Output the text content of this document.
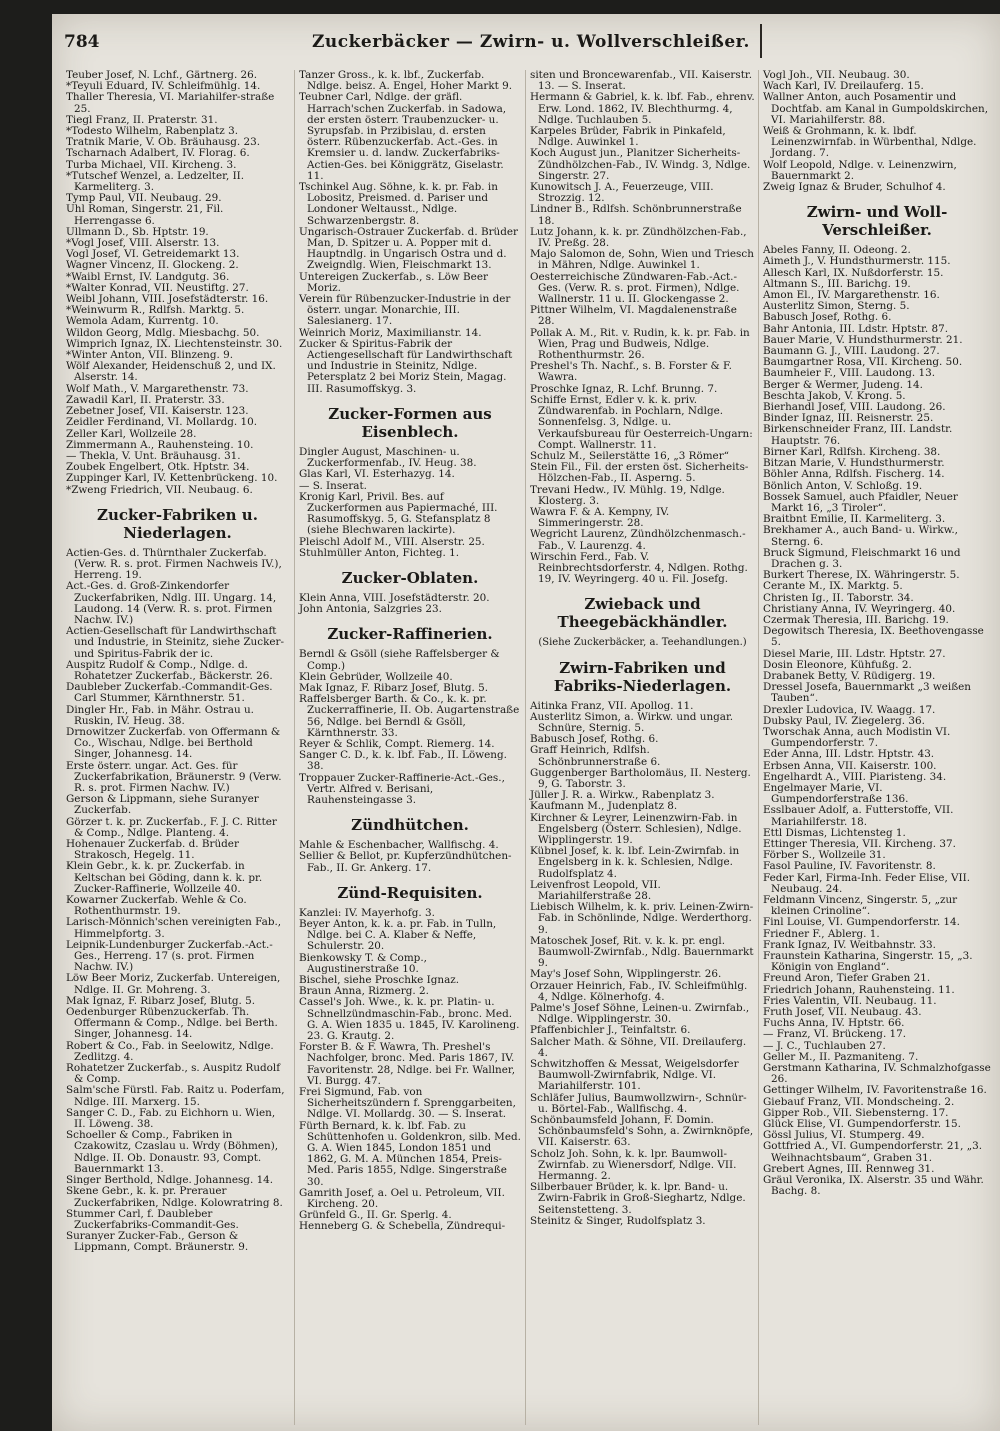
784	Zuckerbäcker — Zwirn- u. Wollverschleißer.
Teuber Josef, N. Lchf., Gärtnerg. 26.
*Teyuli Eduard, IV. Schleifmühlg. 14.
Thaller Theresia, VI. Mariahilfer-straße 25.
Tiegl Franz, II. Praterstr. 31.
*Todesto Wilhelm, Rabenplatz 3.
Tratnik Marie, V. Ob. Bräuhausg. 23.
Tscharnach Adalbert, IV. Florag. 6.
Turba Michael, VII. Kircheng. 3.
*Tutschef Wenzel, a. Ledzelter, II. Karmeliterg. 3.
Tymp Paul, VII. Neubaug. 29.
Uhl Roman, Singerstr. 21, Fil. Herrengasse 6.
Ullmann D., Sb. Hptstr. 19.
*Vogl Josef, VIII. Alserstr. 13.
Vogl Josef, VI. Getreidemarkt 13.
Wagner Vincenz, II. Glockeng. 2.
*Waibl Ernst, IV. Landgutg. 36.
*Walter Konrad, VII. Neustiftg. 27.
Weibl Johann, VIII. Josefstädterstr. 16.
*Weinwurm R., Rdlfsh. Marktg. 5.
Wemola Adam, Kurrentg. 10.
Wildon Georg, Mdlg. Miesbachg. 50.
Wimprich Ignaz, IX. Liechtensteinstr. 30.
*Winter Anton, VII. Blinzeng. 9.
Wölf Alexander, Heidenschuß 2, und IX. Alserstr. 14.
Wolf Math., V. Margarethenstr. 73.
Zawadil Karl, II. Praterstr. 33.
Zebetner Josef, VII. Kaiserstr. 123.
Zeidler Ferdinand, VI. Mollardg. 10.
Zeller Karl, Wollzeile 28.
Zimmermann A., Rauhensteing. 10.
— Thekla, V. Unt. Bräuhausg. 31.
Zoubek Engelbert, Otk. Hptstr. 34.
Zuppinger Karl, IV. Kettenbrückeng. 10.
*Zweng Friedrich, VII. Neubaug. 6.
Zucker-Fabriken u. Niederlagen.
Actien-Ges. d. Thürnthaler Zuckerfab. (Verw. R. s. prot. Firmen Nachweis IV.), Herreng. 19.
Act.-Ges. d. Groß-Zinkendorfer Zuckerfabriken, Ndlg. III. Ungarg. 14, Laudong. 14 (Verw. R. s. prot. Firmen Nachw. IV.)
Actien-Gesellschaft für Landwirthschaft und Industrie, in Steinitz, siehe Zucker- und Spiritus-Fabrik der ic.
Auspitz Rudolf & Comp., Ndlge. d. Rohatetzer Zuckerfab., Bäckerstr. 26.
Daubleber Zuckerfab.-Commandit-Ges. Carl Stummer, Kärnthnerstr. 51.
Dingler Hr., Fab. in Mähr. Ostrau u. Ruskin, IV. Heug. 38.
Drnowitzer Zuckerfab. von Offermann & Co., Wischau, Ndlge. bei Berthold Singer, Johannesg. 14.
Erste österr. ungar. Act. Ges. für Zuckerfabrikation, Bräunerstr. 9 (Verw. R. s. prot. Firmen Nachw. IV.)
Gerson & Lippmann, siehe Suranyer Zuckerfab.
Görzer t. k. pr. Zuckerfab., F. J. C. Ritter & Comp., Ndlge. Planteng. 4.
Hohenauer Zuckerfab. d. Brüder Strakosch, Hegelg. 11.
Klein Gebr., k. k. pr. Zuckerfab. in Keltschan bei Göding, dann k. k. pr. Zucker-Raffinerie, Wollzeile 40.
Kowarner Zuckerfab. Wehle & Co. Rothenthurmstr. 19.
Larisch-Mönnich'schen vereinigten Fab., Himmelpfortg. 3.
Leipnik-Lundenburger Zuckerfab.-Act.-Ges., Herreng. 17 (s. prot. Firmen Nachw. IV.)
Löw Beer Moriz, Zuckerfab. Untereigen, Ndlge. II. Gr. Mohreng. 3.
Mak Ignaz, F. Ribarz Josef, Blutg. 5.
Oedenburger Rübenzuckerfab. Th. Offermann & Comp., Ndlge. bei Berth. Singer, Johannesg. 14.
Robert & Co., Fab. in Seelowitz, Ndlge. Zedlitzg. 4.
Rohatetzer Zuckerfab., s. Auspitz Rudolf & Comp.
Salm'sche Fürstl. Fab. Raitz u. Poderfam, Ndlge. III. Marxerg. 15.
Sanger C. D., Fab. zu Eichhorn u. Wien, II. Löweng. 38.
Schoeller & Comp., Fabriken in Czakowitz, Czaslau u. Wrdy (Böhmen), Ndlge. II. Ob. Donaustr. 93, Compt. Bauernmarkt 13.
Singer Berthold, Ndlge. Johannesg. 14.
Skene Gebr., k. k. pr. Prerauer Zuckerfabriken, Ndlge. Kolowratring 8.
Stummer Carl, f. Daubleber Zuckerfabriks-Commandit-Ges.
Suranyer Zucker-Fab., Gerson & Lippmann, Compt. Bräunerstr. 9.
Tanzer Gross., k. k. lbf., Zuckerfab. Ndlge. beisz. A. Engel, Hoher Markt 9.
Teubner Carl, Ndlge. der gräfl. Harrach'schen Zuckerfab. in Sadowa, der ersten österr. Traubenzucker- u. Syrupsfab. in Przibislau, d. ersten österr. Rübenzuckerfab. Act.-Ges. in Kremsier u. d. landw. Zuckerfabriks-Actien-Ges. bei Königgrätz, Giselastr. 11.
Tschinkel Aug. Söhne, k. k. pr. Fab. in Lobositz, Preismed. d. Pariser und Londoner Weltausst., Ndlge. Schwarzenbergstr. 8.
Ungarisch-Ostrauer Zuckerfab. d. Brüder Man, D. Spitzer u. A. Popper mit d. Hauptndlg. in Ungarisch Ostra und d. Zweigndlg. Wien, Fleischmarkt 13.
Untereigen Zuckerfab., s. Löw Beer Moriz.
Verein für Rübenzucker-Industrie in der österr. ungar. Monarchie, III. Salesianerg. 17.
Weinrich Moriz, Maximilianstr. 14.
Zucker & Spiritus-Fabrik der Actiengesellschaft für Landwirthschaft und Industrie in Steinitz, Ndlge. Petersplatz 2 bei Moriz Stein, Magag. III. Rasumoffskyg. 3.
Zucker-Formen aus Eisenblech.
Dingler August, Maschinen- u. Zuckerformenfab., IV. Heug. 38.
Glas Karl, VI. Esterhazyg. 14.
— S. Inserat.
Kronig Karl, Privil. Bes. auf Zuckerformen aus Papiermaché, III. Rasumoffskyg. 5, G. Stefansplatz 8 (siehe Blechwaren lackirte).
Pleischl Adolf M., VIII. Alserstr. 25.
Stuhlmüller Anton, Fichteg. 1.
Zucker-Oblaten.
Klein Anna, VIII. Josefstädterstr. 20.
John Antonia, Salzgries 23.
Zucker-Raffinerien.
Berndl & Gsöll (siehe Raffelsberger & Comp.)
Klein Gebrüder, Wollzeile 40.
Mak Ignaz, F. Ribarz Josef, Blutg. 5.
Raffelsberger Barth. & Co., k. k. pr. Zuckerraffinerie, II. Ob. Augartenstraße 56, Ndlge. bei Berndl & Gsöll, Kärnthnerstr. 33.
Reyer & Schlik, Compt. Riemerg. 14.
Sanger C. D., k. k. lbf. Fab., II. Löweng. 38.
Troppauer Zucker-Raffinerie-Act.-Ges., Vertr. Alfred v. Berisani, Rauhensteingasse 3.
Zündhütchen.
Mahle & Eschenbacher, Wallfischg. 4.
Sellier & Bellot, pr. Kupferzündhütchen-Fab., II. Gr. Ankerg. 17.
Zünd-Requisiten.
Kanzlei: IV. Mayerhofg. 3.
Beyer Anton, k. k. a. pr. Fab. in Tulln, Ndlge. bei C. A. Klaber & Neffe, Schulerstr. 20.
Bienkowsky T. & Comp., Augustinerstraße 10.
Bischel, siehe Proschke Ignaz.
Braun Anna, Rizmerg. 2.
Cassel's Joh. Wwe., k. k. pr. Platin- u. Schnellzündmaschin-Fab., bronc. Med. G. A. Wien 1835 u. 1845, IV. Karolineng. 23. G. Krautg. 2.
Forster B. & F. Wawra, Th. Preshel's Nachfolger, bronc. Med. Paris 1867, IV. Favoritenstr. 28, Ndlge. bei Fr. Wallner, VI. Burgg. 47.
Frei Sigmund, Fab. von Sicherheitszündern f. Sprenggarbeiten, Ndlge. VI. Mollardg. 30. — S. Inserat.
Fürth Bernard, k. k. lbf. Fab. zu Schüttenhofen u. Goldenkron, silb. Med. G. A. Wien 1845, London 1851 und 1862, G. M. A. München 1854, Preis-Med. Paris 1855, Ndlge. Singerstraße 30.
Gamrith Josef, a. Oel u. Petroleum, VII. Kircheng. 20.
Grünfeld G., II. Gr. Sperlg. 4.
Henneberg G. & Schebella, Zündrequi-
siten und Broncewarenfab., VII. Kaiserstr. 13. — S. Inserat.
Hermann & Gabriel, k. k. lbf. Fab., ehrenv. Erw. Lond. 1862, IV. Blechthurmg. 4, Ndlge. Tuchlauben 5.
Karpeles Brüder, Fabrik in Pinkafeld, Ndlge. Auwinkel 1.
Koch August jun., Planitzer Sicherheits-Zündhölzchen-Fab., IV. Windg. 3, Ndlge. Singerstr. 27.
Kunowitsch J. A., Feuerzeuge, VIII. Strozzig. 12.
Lindner B., Rdlfsh. Schönbrunnerstraße 18.
Lutz Johann, k. k. pr. Zündhölzchen-Fab., IV. Preßg. 28.
Majo Salomon de, Sohn, Wien und Triesch in Mähren, Ndlge. Auwinkel 1.
Oesterreichische Zündwaren-Fab.-Act.-Ges. (Verw. R. s. prot. Firmen), Ndlge. Wallnerstr. 11 u. II. Glockengasse 2.
Pittner Wilhelm, VI. Magdalenenstraße 28.
Pollak A. M., Rit. v. Rudin, k. k. pr. Fab. in Wien, Prag und Budweis, Ndlge. Rothenthurmstr. 26.
Preshel's Th. Nachf., s. B. Forster & F. Wawra.
Proschke Ignaz, R. Lchf. Brunng. 7.
Schiffe Ernst, Edler v. k. k. priv. Zündwarenfab. in Pochlarn, Ndlge. Sonnenfelsg. 3, Ndlge. u. Verkaufsbureau für Oesterreich-Ungarn: Compt. Wallnerstr. 11.
Schulz M., Seilerstätte 16, „3 Römer“
Stein Fil., Fil. der ersten öst. Sicherheits-Hölzchen-Fab., II. Asperng. 5.
Trevani Hedw., IV. Mühlg. 19, Ndlge. Klosterg. 3.
Wawra F. & A. Kempny, IV. Simmeringerstr. 28.
Wegricht Laurenz, Zündhölzchenmasch.-Fab., V. Laurenzg. 4.
Wirschin Ferd., Fab. V. Reinbrechtsdorferstr. 4, Ndlgen. Rothg. 19, IV. Weyringerg. 40 u. Fil. Josefg.
Zwieback und Theegebäckhändler.
(Siehe Zuckerbäcker, a. Teehandlungen.)
Zwirn-Fabriken und Fabriks-Niederlagen.
Aitinka Franz, VII. Apollog. 11.
Austerlitz Simon, a. Wirkw. und ungar. Schnüre, Sternig. 5.
Babusch Josef, Rothg. 6.
Graff Heinrich, Rdlfsh. Schönbrunnerstraße 6.
Guggenberger Bartholomäus, II. Nesterg. 9, G. Taborstr. 3.
Jüller J. R. a. Wirkw., Rabenplatz 3.
Kaufmann M., Judenplatz 8.
Kirchner & Leyrer, Leinenzwirn-Fab. in Engelsberg (Österr. Schlesien), Ndlge. Wipplingerstr. 19.
Kübnel Josef, k. k. lbf. Lein-Zwirnfab. in Engelsberg in k. k. Schlesien, Ndlge. Rudolfsplatz 4.
Leivenfrost Leopold, VII. Mariahilferstraße 28.
Liebisch Wilhelm, k. k. priv. Leinen-Zwirn-Fab. in Schönlinde, Ndlge. Werderthorg. 9.
Matoschek Josef, Rit. v. k. k. pr. engl. Baumwoll-Zwirnfab., Ndlg. Bauernmarkt 9.
May's Josef Sohn, Wipplingerstr. 26.
Orzauer Heinrich, Fab., IV. Schleifmühlg. 4, Ndlge. Kölnerhofg. 4.
Palme's Josef Söhne, Leinen-u. Zwirnfab., Ndlge. Wipplingerstr. 30.
Pfaffenbichler J., Teinfaltstr. 6.
Salcher Math. & Söhne, VII. Dreilauferg. 4.
Schwitzhoffen & Messat, Weigelsdorfer Baumwoll-Zwirnfabrik, Ndlge. VI. Mariahilferstr. 101.
Schläfer Julius, Baumwollzwirn-, Schnür- u. Börtel-Fab., Wallfischg. 4.
Schönbaumsfeld Johann, F. Domin. Schönbaumsfeld's Sohn, a. Zwirnknöpfe, VII. Kaiserstr. 63.
Scholz Joh. Sohn, k. k. lpr. Baumwoll-Zwirnfab. zu Wienersdorf, Ndlge. VII. Hermanng. 2.
Silberbauer Brüder, k. k. lpr. Band- u. Zwirn-Fabrik in Groß-Sieghartz, Ndlge. Seitenstetteng. 3.
Steinitz & Singer, Rudolfsplatz 3.
Vogl Joh., VII. Neubaug. 30.
Wach Karl, IV. Dreilauferg. 15.
Wallner Anton, auch Posamentir und Dochtfab. am Kanal in Gumpoldskirchen, VI. Mariahilferstr. 88.
Weiß & Grohmann, k. k. lbdf. Leinenzwirnfab. in Würbenthal, Ndlge. Jordang. 7.
Wolf Leopold, Ndlge. v. Leinenzwirn, Bauernmarkt 2.
Zweig Ignaz & Bruder, Schulhof 4.
Zwirn- und Woll-Verschleißer.
Abeles Fanny, II. Odeong. 2.
Aimeth J., V. Hundsthurmerstr. 115.
Allesch Karl, IX. Nußdorferstr. 15.
Altmann S., III. Barichg. 19.
Amon El., IV. Margarethenstr. 16.
Austerlitz Simon, Sterng. 5.
Babusch Josef, Rothg. 6.
Bahr Antonia, III. Ldstr. Hptstr. 87.
Bauer Marie, V. Hundsthurmerstr. 21.
Baumann G. J., VIII. Laudong. 27.
Baumgartner Rosa, VII. Kircheng. 50.
Baumheier F., VIII. Laudong. 13.
Berger & Wermer, Judeng. 14.
Beschta Jakob, V. Krong. 5.
Bierhandl Josef, VIII. Laudong. 26.
Binder Ignaz, III. Reisnerstr. 25.
Birkenschneider Franz, III. Landstr. Hauptstr. 76.
Birner Karl, Rdlfsh. Kircheng. 38.
Bitzan Marie, V. Hundsthurmerstr.
Böhler Anna, Rdlfsh. Fischerg. 14.
Bönlich Anton, V. Schloßg. 19.
Bossek Samuel, auch Pfaidler, Neuer Markt 16, „3 Tiroler“.
Braitbnt Emilie, II. Karmeliterg. 3.
Brekhamer A., auch Band- u. Wirkw., Sterng. 6.
Bruck Sigmund, Fleischmarkt 16 und Drachen g. 3.
Burkert Therese, IX. Währingerstr. 5.
Cerante M., IX. Marktg. 5.
Christen Ig., II. Taborstr. 34.
Christiany Anna, IV. Weyringerg. 40.
Czermak Theresia, III. Barichg. 19.
Degowitsch Theresia, IX. Beethovengasse 5.
Diesel Marie, III. Ldstr. Hptstr. 27.
Dosin Eleonore, Kühfußg. 2.
Drabanek Betty, V. Rüdigerg. 19.
Dressel Josefa, Bauernmarkt „3 weißen Tauben“.
Drexler Ludovica, IV. Waagg. 17.
Dubsky Paul, IV. Ziegelerg. 36.
Tworschak Anna, auch Modistin VI. Gumpendorferstr. 7.
Eder Anna, III. Ldstr. Hptstr. 43.
Erbsen Anna, VII. Kaiserstr. 100.
Engelhardt A., VIII. Piaristeng. 34.
Engelmayer Marie, VI. Gumpendorferstraße 136.
Esslbauer Adolf, a. Futterstoffe, VII. Mariahilferstr. 18.
Ettl Dismas, Lichtensteg 1.
Ettinger Theresia, VII. Kircheng. 37.
Förber S., Wollzeile 31.
Fasol Pauline, IV. Favoritenstr. 8.
Feder Karl, Firma-Inh. Feder Elise, VII. Neubaug. 24.
Feldmann Vincenz, Singerstr. 5, „zur kleinen Crinoline“.
Finl Louise, VI. Gumpendorferstr. 14.
Friedner F., Ablerg. 1.
Frank Ignaz, IV. Weitbahnstr. 33.
Fraunstein Katharina, Singerstr. 15, „3. Königin von England“.
Freund Aron, Tiefer Graben 21.
Friedrich Johann, Rauhensteing. 11.
Fries Valentin, VII. Neubaug. 11.
Fruth Josef, VII. Neubaug. 43.
Fuchs Anna, IV. Hptstr. 66.
— Franz, VI. Brückeng. 17.
— J. C., Tuchlauben 27.
Geller M., II. Pazmaniteng. 7.
Gerstmann Katharina, IV. Schmalzhofgasse 26.
Gettinger Wilhelm, IV. Favoritenstraße 16.
Giebauf Franz, VII. Mondscheing. 2.
Gipper Rob., VII. Siebensterng. 17.
Glück Elise, VI. Gumpendorferstr. 15.
Gössl Julius, VI. Stumperg. 49.
Gottfried A., VI. Gumpendorferstr. 21, „3. Weihnachtsbaum“, Graben 31.
Grebert Agnes, III. Rennweg 31.
Gräul Veronika, IX. Alserstr. 35 und Währ. Bachg. 8.
